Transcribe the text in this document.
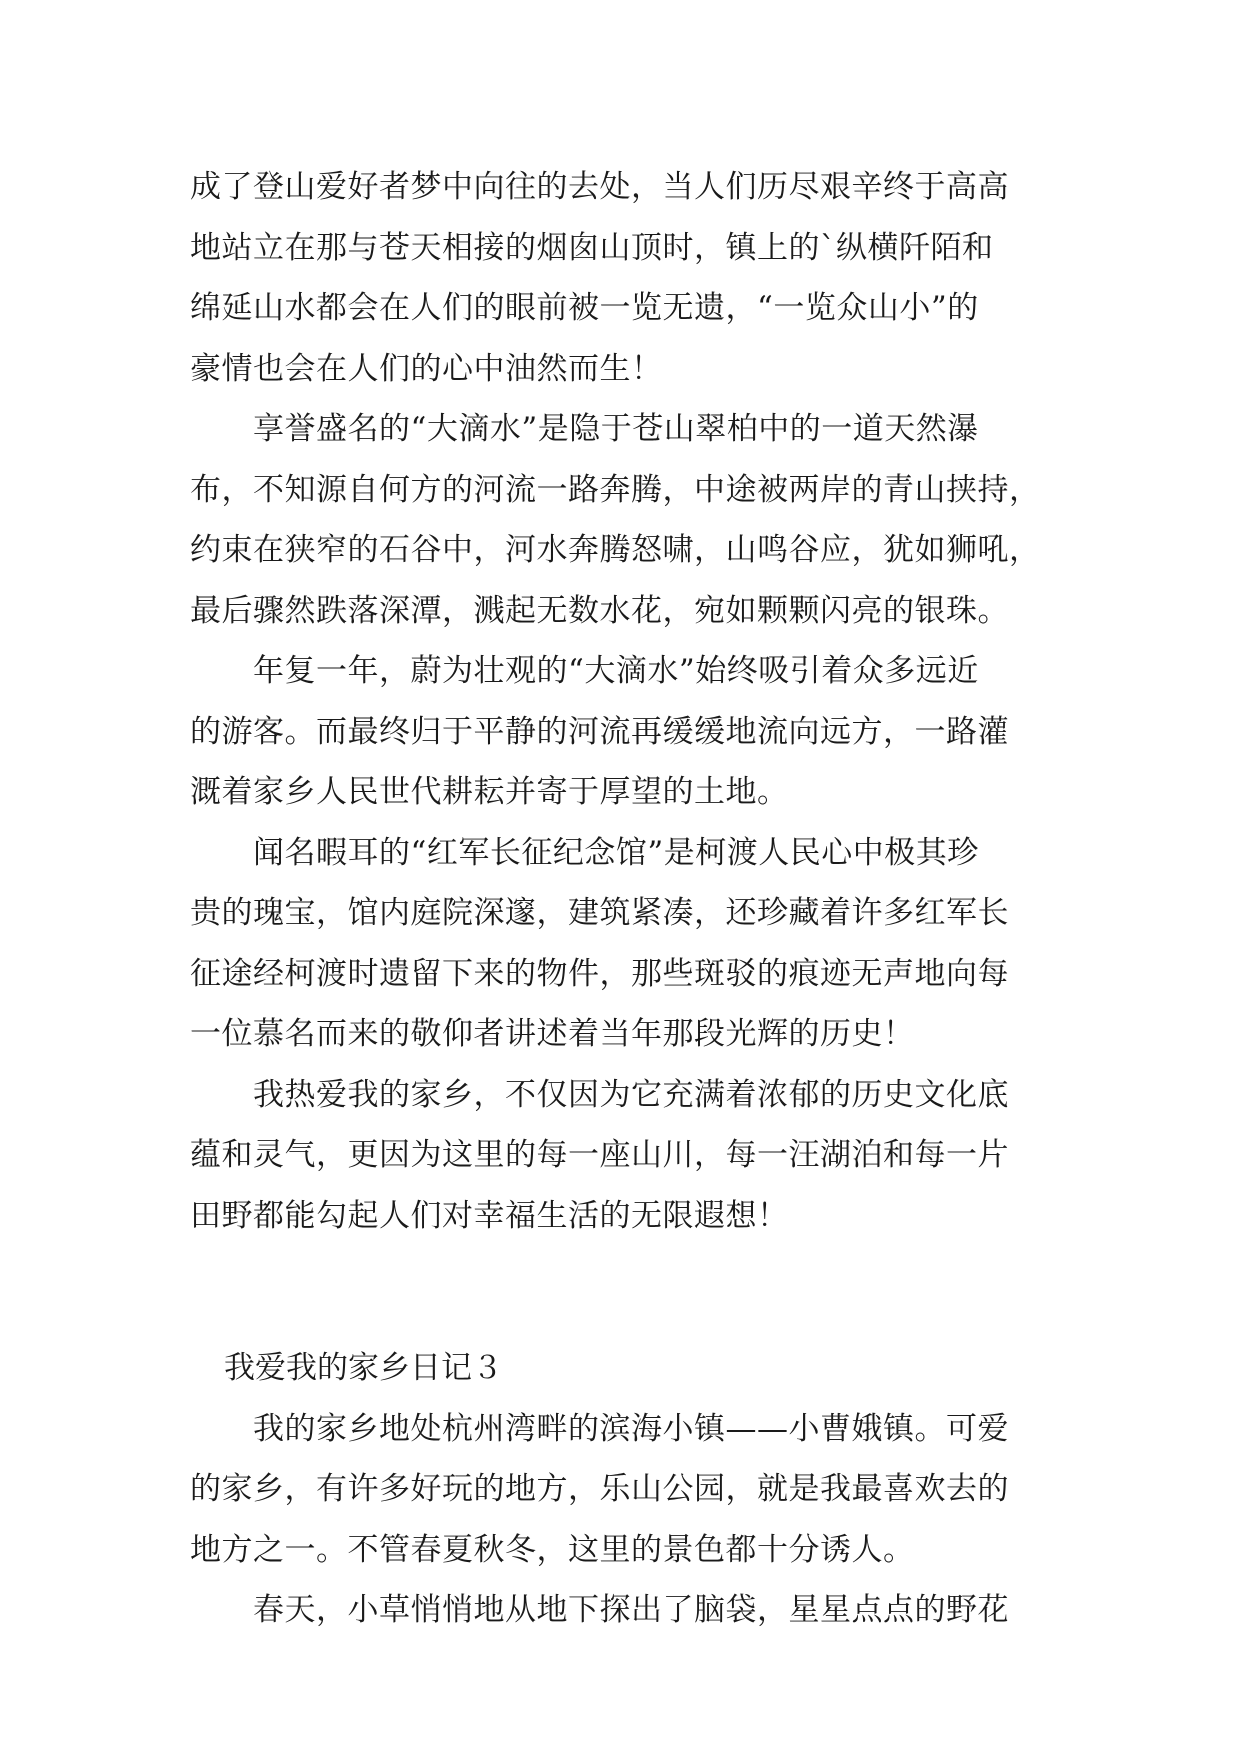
成了登山爱好者梦中向往的去处，当人们历尽艰辛终于高高
地站立在那与苍天相接的烟囱山顶时，镇上的`纵横阡陌和
绵延山水都会在人们的眼前被一览无遗，“一览众山小”的
豪情也会在人们的心中油然而生！
　　享誉盛名的“大滴水”是隐于苍山翠柏中的一道天然瀑
布，不知源自何方的河流一路奔腾，中途被两岸的青山挟持，
约束在狭窄的石谷中，河水奔腾怒啸，山鸣谷应，犹如狮吼，
最后骤然跌落深潭，溅起无数水花，宛如颗颗闪亮的银珠。
　　年复一年，蔚为壮观的“大滴水”始终吸引着众多远近
的游客。而最终归于平静的河流再缓缓地流向远方，一路灌
溉着家乡人民世代耕耘并寄于厚望的土地。
　　闻名暇耳的“红军长征纪念馆”是柯渡人民心中极其珍
贵的瑰宝，馆内庭院深邃，建筑紧凑，还珍藏着许多红军长
征途经柯渡时遗留下来的物件，那些斑驳的痕迹无声地向每
一位慕名而来的敬仰者讲述着当年那段光辉的历史！
　　我热爱我的家乡，不仅因为它充满着浓郁的历史文化底
蕴和灵气，更因为这里的每一座山川，每一汪湖泊和每一片
田野都能勾起人们对幸福生活的无限遐想！
我爱我的家乡日记３
　　我的家乡地处杭州湾畔的滨海小镇——小曹娥镇。可爱
的家乡，有许多好玩的地方，乐山公园，就是我最喜欢去的
地方之一。不管春夏秋冬，这里的景色都十分诱人。
　　春天，小草悄悄地从地下探出了脑袋，星星点点的野花
